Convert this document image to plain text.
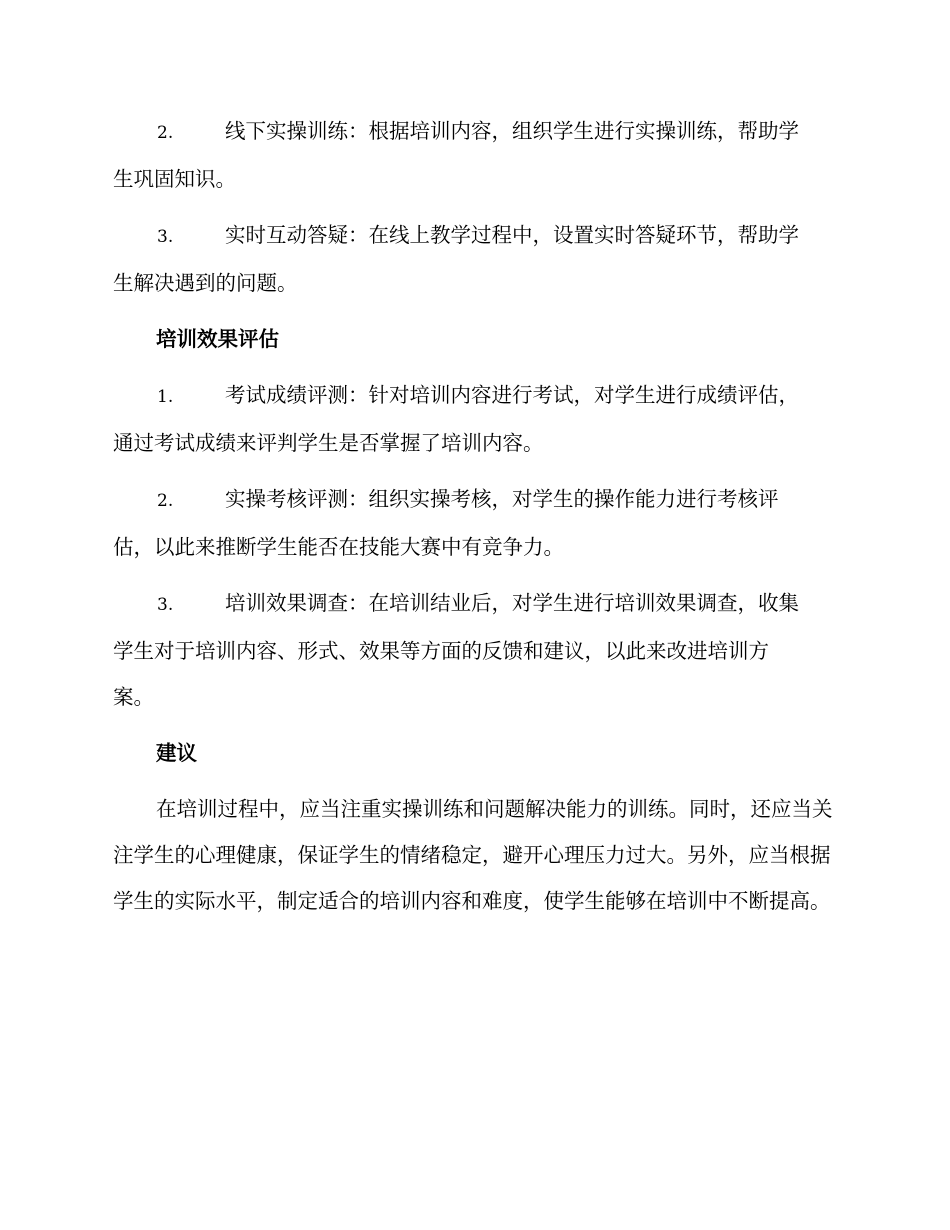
2.	线下实操训练：根据培训内容，组织学生进行实操训练，帮助学
生巩固知识。
3.	实时互动答疑：在线上教学过程中，设置实时答疑环节，帮助学
生解决遇到的问题。
培训效果评估
1.	考试成绩评测：针对培训内容进行考试，对学生进行成绩评估，
通过考试成绩来评判学生是否掌握了培训内容。
2.	实操考核评测：组织实操考核，对学生的操作能力进行考核评
估，以此来推断学生能否在技能大赛中有竞争力。
3.	培训效果调查：在培训结业后，对学生进行培训效果调查，收集
学生对于培训内容、形式、效果等方面的反馈和建议，以此来改进培训方
案。
建议

在培训过程中，应当注重实操训练和问题解决能力的训练。同时，还应当关注学生的心理健康，保证学生的情绪稳定，避开心理压力过大。另外，应当根据学生的实际水平，制定适合的培训内容和难度，使学生能够在培训中不断提高。
